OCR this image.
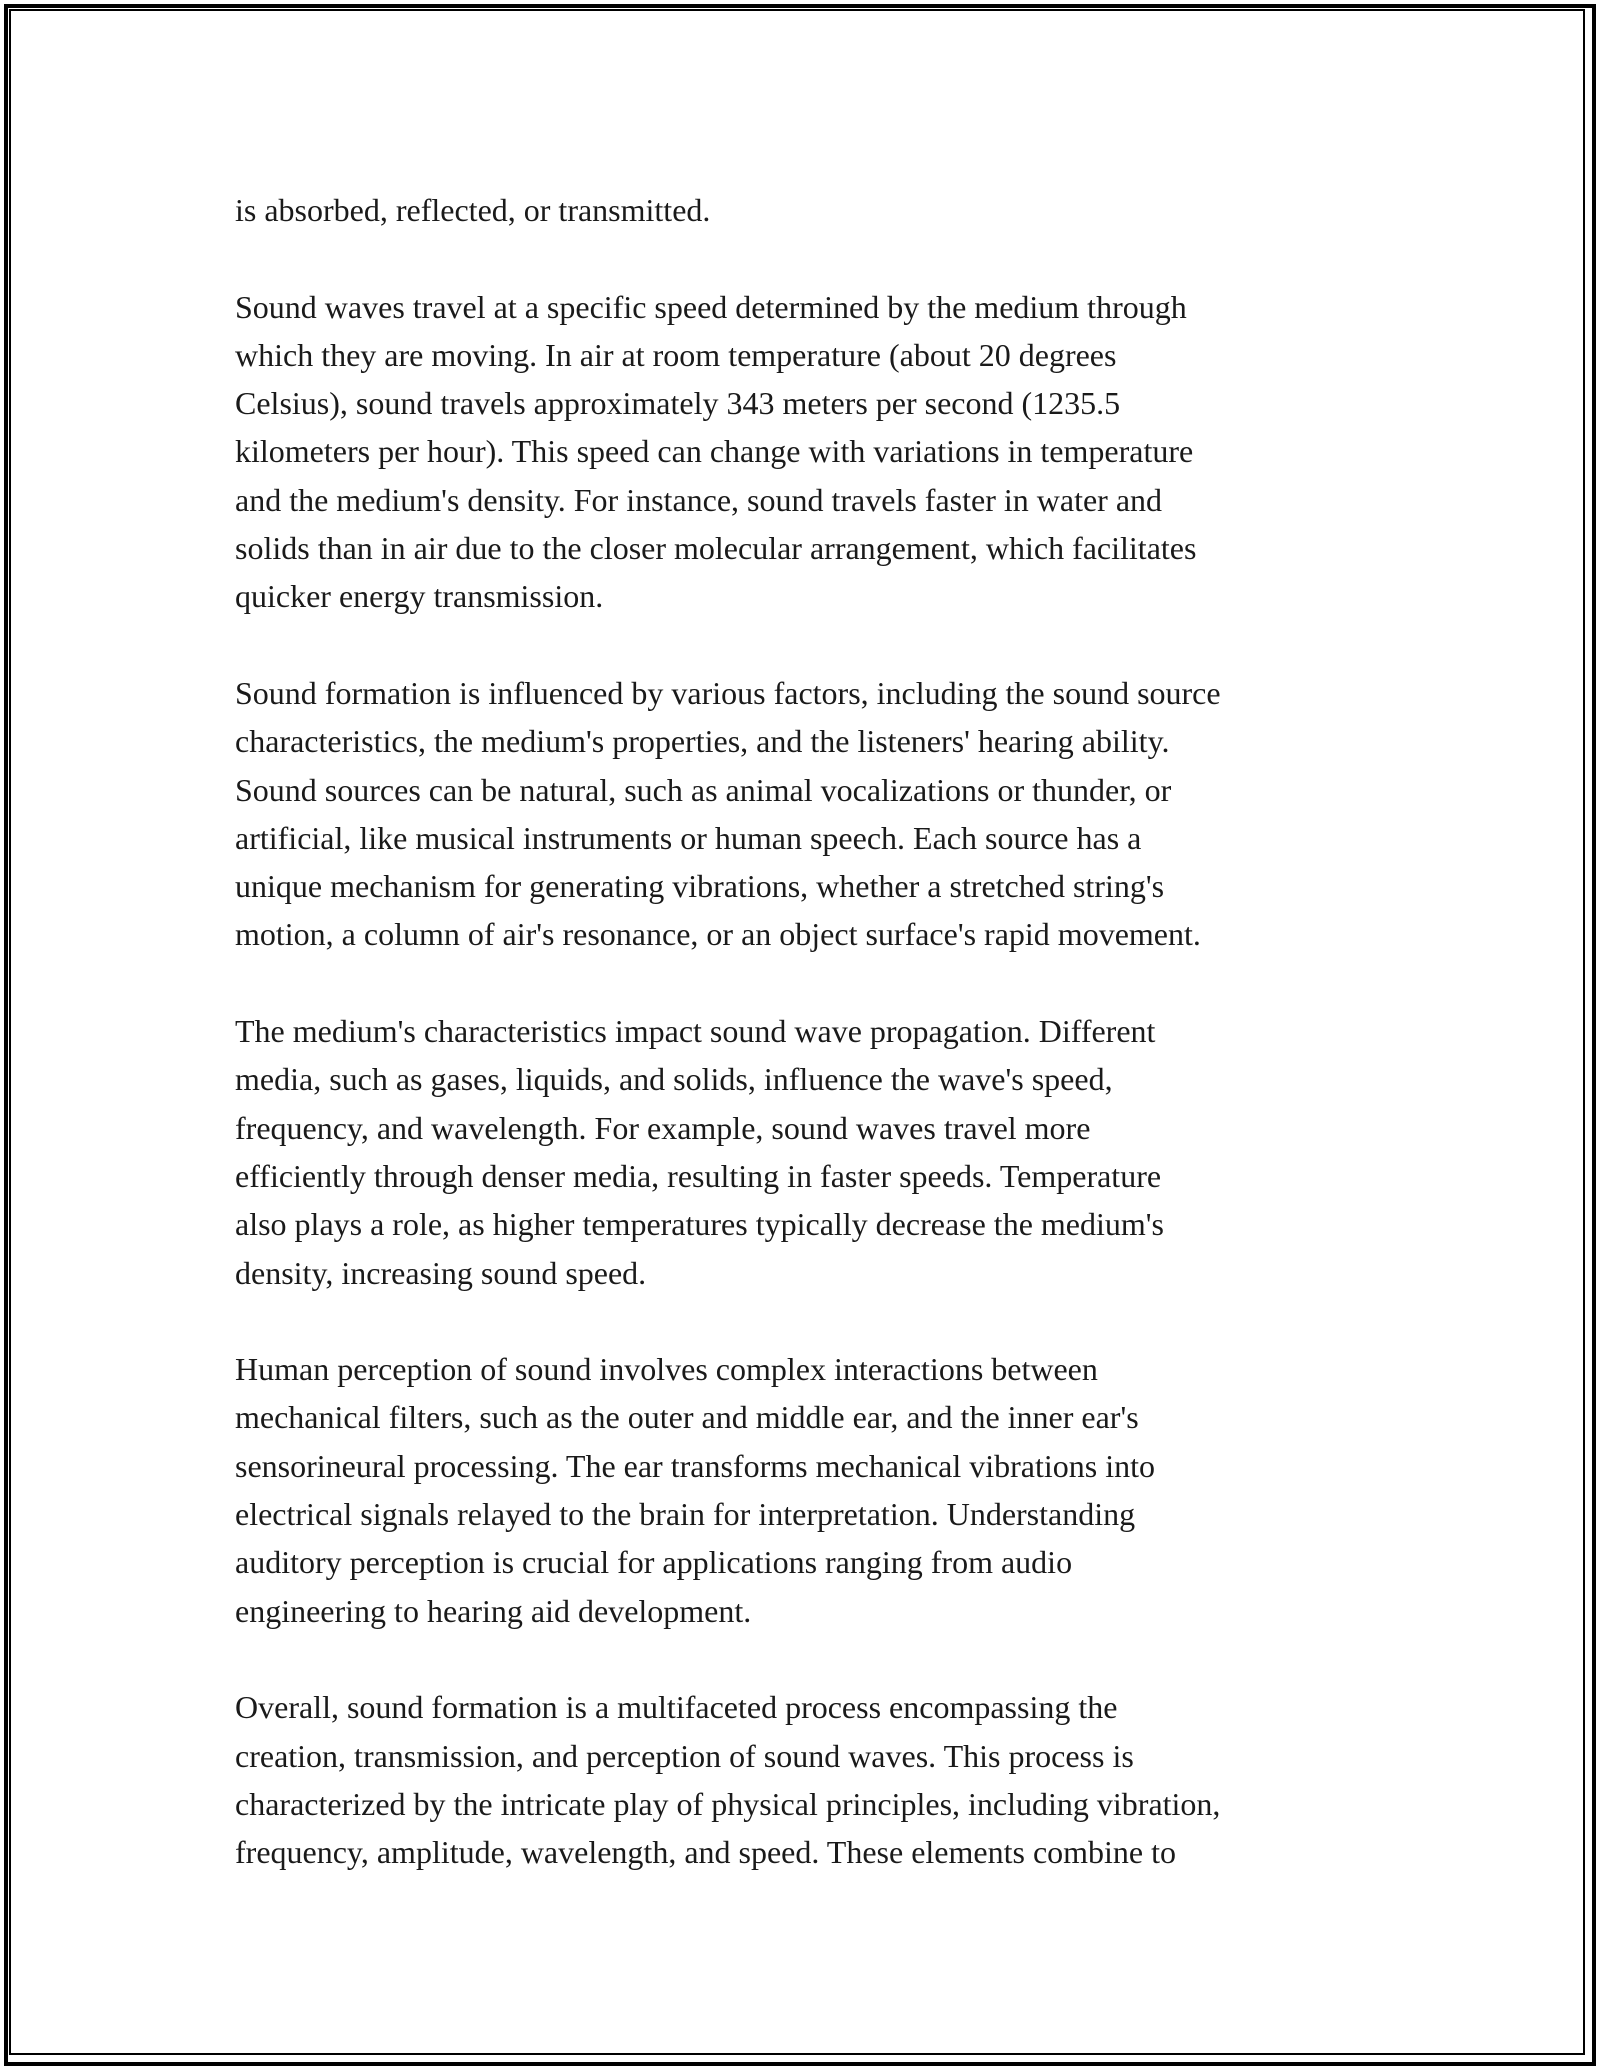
is absorbed, reflected, or transmitted.

Sound waves travel at a specific speed determined by the medium through
which they are moving. In air at room temperature (about 20 degrees
Celsius), sound travels approximately 343 meters per second (1235.5
kilometers per hour). This speed can change with variations in temperature
and the medium's density. For instance, sound travels faster in water and
solids than in air due to the closer molecular arrangement, which facilitates
quicker energy transmission.

Sound formation is influenced by various factors, including the sound source
characteristics, the medium's properties, and the listeners' hearing ability.
Sound sources can be natural, such as animal vocalizations or thunder, or
artificial, like musical instruments or human speech. Each source has a
unique mechanism for generating vibrations, whether a stretched string's
motion, a column of air's resonance, or an object surface's rapid movement.

The medium's characteristics impact sound wave propagation. Different
media, such as gases, liquids, and solids, influence the wave's speed,
frequency, and wavelength. For example, sound waves travel more
efficiently through denser media, resulting in faster speeds. Temperature
also plays a role, as higher temperatures typically decrease the medium's
density, increasing sound speed.

Human perception of sound involves complex interactions between
mechanical filters, such as the outer and middle ear, and the inner ear's
sensorineural processing. The ear transforms mechanical vibrations into
electrical signals relayed to the brain for interpretation. Understanding
auditory perception is crucial for applications ranging from audio
engineering to hearing aid development.

Overall, sound formation is a multifaceted process encompassing the
creation, transmission, and perception of sound waves. This process is
characterized by the intricate play of physical principles, including vibration,
frequency, amplitude, wavelength, and speed. These elements combine to
